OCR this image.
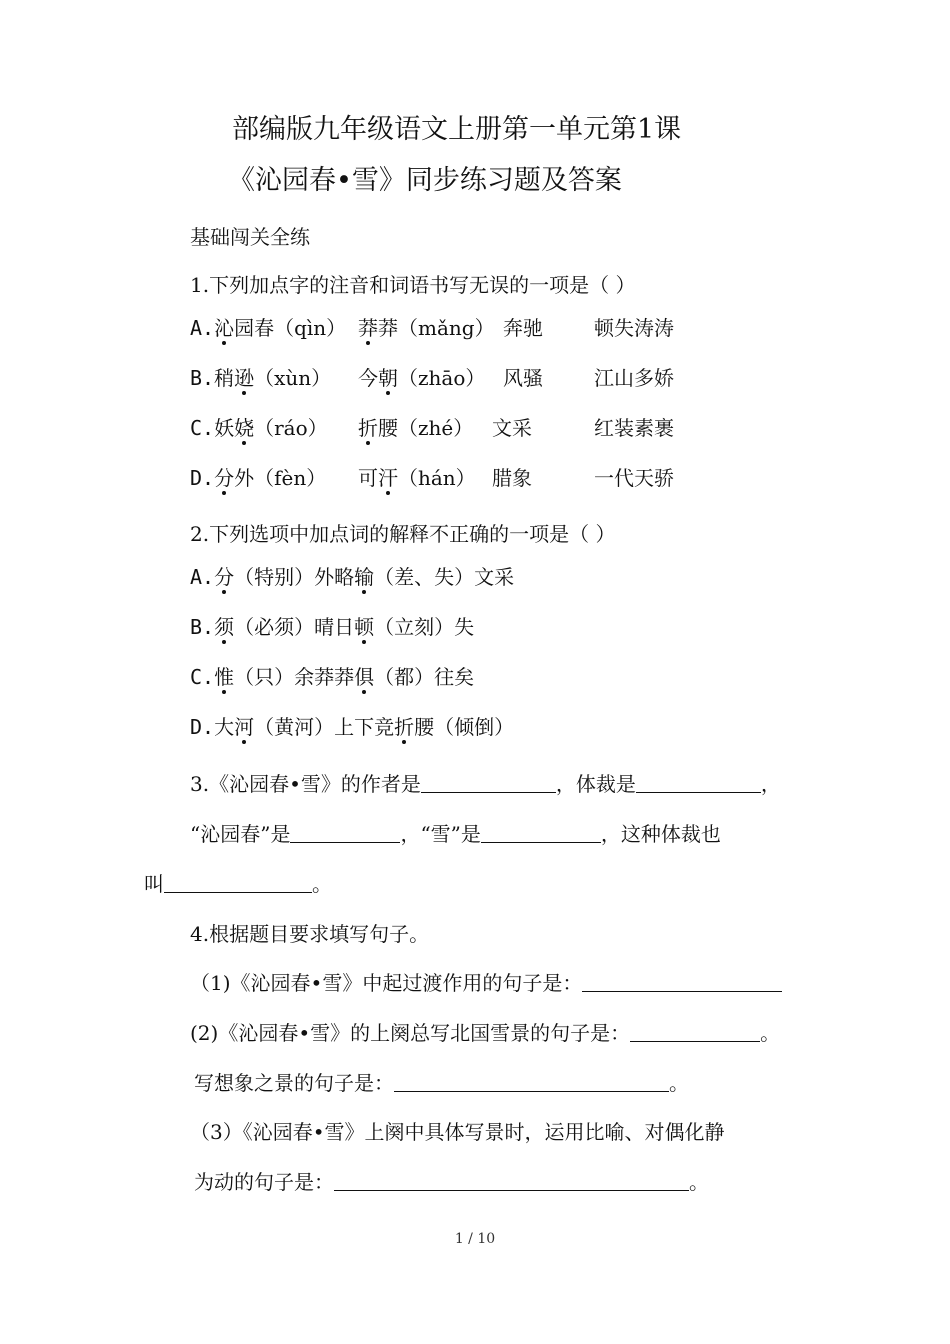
部编版九年级语文上册第一单元第1课
《沁园春•雪》同步练习题及答案
基础闯关全练
1.下列加点字的注音和词语书写无误的一项是（ ）
A.沁园春（qìn） 莽莽（mǎng） 奔驰	顿失涛涛
B.稍逊（xùn） 今朝（zhāo） 风骚	江山多娇
C.妖娆（ráo） 折腰（zhé） 文采	红装素裹
D.分外（fèn） 可汗（hán） 腊象	一代天骄
2.下列选项中加点词的解释不正确的一项是（ ）
A.分（特别）外略输（差、失）文采
B.须（必须）晴日顿（立刻）失
C.惟（只）余莽莽俱（都）往矣
D.大河（黄河）上下竞折腰（倾倒）
3.《沁园春•雪》的作者是	，体裁是	，
“沁园春”是	，“雪”是	，这种体裁也
叫	。
4.根据题目要求填写句子。
（1)《沁园春•雪》中起过渡作用的句子是：
(2)《沁园春•雪》的上阕总写北国雪景的句子是：	。
写想象之景的句子是：	。
（3）《沁园春•雪》上阕中具体写景时，运用比喻、对偶化静
为动的句子是：	。
1 / 10
